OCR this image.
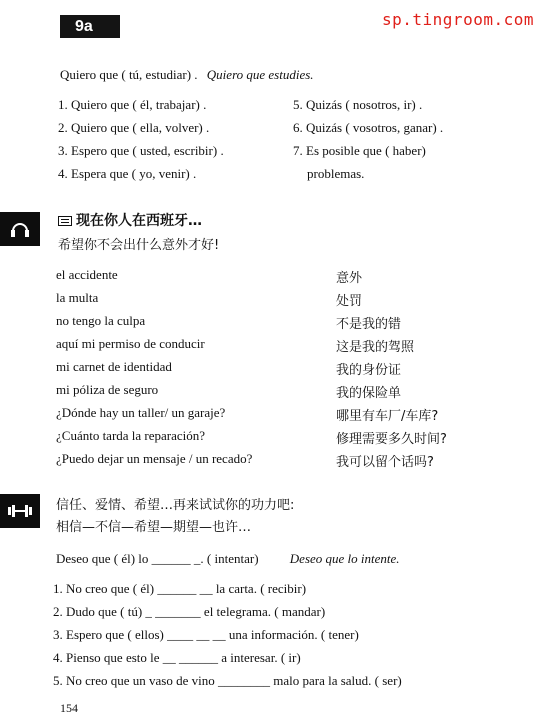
9a	sp.tingroom.com
Quiero que ( tú, estudiar) . Quiero que estudies.
1. Quiero que ( él, trabajar) .
2. Quiero que ( ella, volver) .
3. Espero que ( usted, escribir) .
4. Espera que ( yo, venir) .
5. Quizás ( nosotros, ir) .
6. Quizás ( vosotros, ganar) .
7. Es posible que ( haber)
problemas.
现在你人在西班牙…
希望你不会出什么意外才好!
el accidente	意外
la multa	处罚
no tengo la culpa	不是我的错
aquí mi permiso de conducir	这是我的驾照
mi carnet de identidad	我的身份证
mi póliza de seguro	我的保险单
¿Dónde hay un taller/ un garaje?	哪里有车厂/车库?
¿Cuánto tarda la reparación?	修理需要多久时间?
¿Puedo dejar un mensaje / un recado?	我可以留个话吗?
信任、爱情、希望…再来试试你的功力吧:
相信—不信—希望—期望—也许…
Deseo que ( él) lo ______ _. ( intentar) Deseo que lo intente.
1. No creo que ( él) ______ __ la carta. ( recibir)
2. Dudo que ( tú) _ _______ el telegrama. ( mandar)
3. Espero que ( ellos) ____ __ __ una información. ( tener)
4. Pienso que esto le __ ______ a interesar. ( ir)
5. No creo que un vaso de vino ________ malo para la salud. ( ser)
154
